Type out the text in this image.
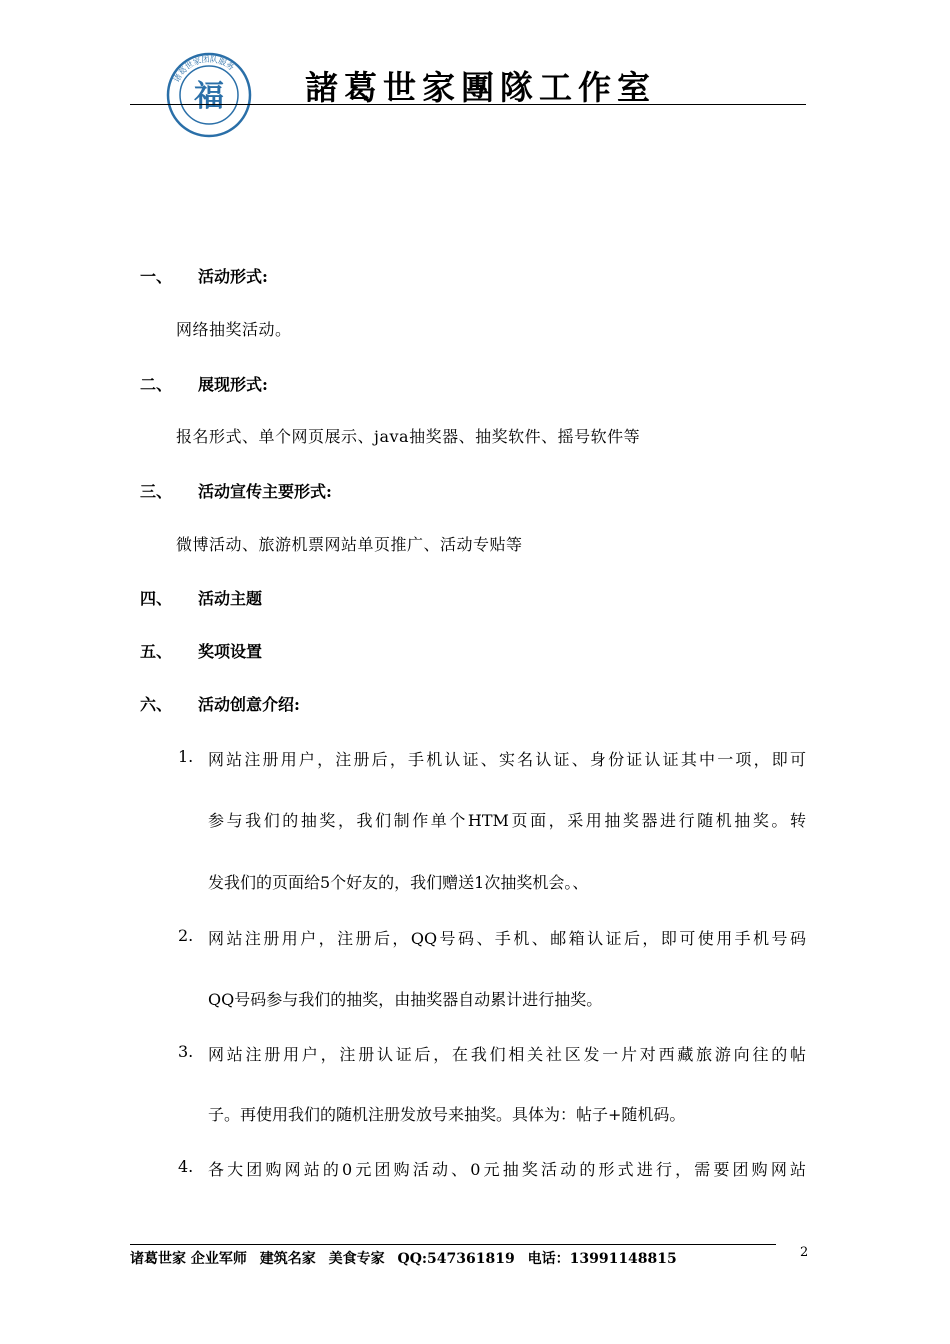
福
诸葛世家团队服务
諸葛世家團隊工作室
一、 活动形式:
网络抽奖活动。
二、 展现形式:
报名形式、单个网页展示、java抽奖器、抽奖软件、摇号软件等
三、 活动宣传主要形式:
微博活动、旅游机票网站单页推广、活动专贴等
四、 活动主题
五、 奖项设置
六、 活动创意介绍:
1. 网站注册用户，注册后，手机认证、实名认证、身份证认证其中一项，即可
参与我们的抽奖，我们制作单个HTM页面，采用抽奖器进行随机抽奖。转
发我们的页面给5个好友的，我们赠送1次抽奖机会。、
2. 网站注册用户，注册后，QQ号码、手机、邮箱认证后，即可使用手机号码
QQ号码参与我们的抽奖，由抽奖器自动累计进行抽奖。
3. 网站注册用户，注册认证后，在我们相关社区发一片对西藏旅游向往的帖
子。再使用我们的随机注册发放号来抽奖。具体为：帖子+随机码。
4. 各大团购网站的0元团购活动、0元抽奖活动的形式进行，需要团购网站
诸葛世家 企业军师 建筑名家 美食专家 QQ:547361819 电话：13991148815	2
